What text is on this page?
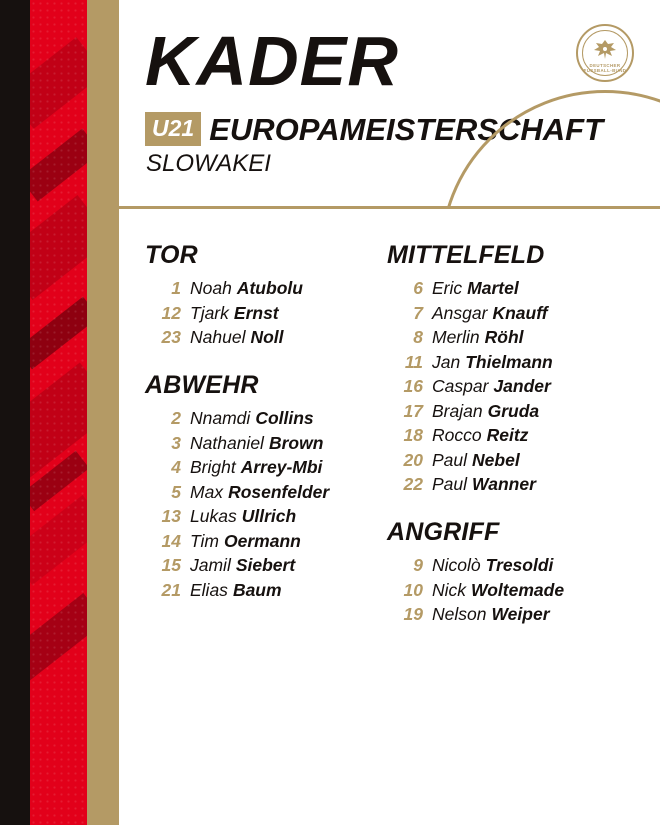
KADER
U21 EUROPAMEISTERSCHAFT
SLOWAKEI
DEUTSCHER FUSSBALL-BUND
TOR
1 Noah Atubolu
12 Tjark Ernst
23 Nahuel Noll
ABWEHR
2 Nnamdi Collins
3 Nathaniel Brown
4 Bright Arrey-Mbi
5 Max Rosenfelder
13 Lukas Ullrich
14 Tim Oermann
15 Jamil Siebert
21 Elias Baum
MITTELFELD
6 Eric Martel
7 Ansgar Knauff
8 Merlin Röhl
11 Jan Thielmann
16 Caspar Jander
17 Brajan Gruda
18 Rocco Reitz
20 Paul Nebel
22 Paul Wanner
ANGRIFF
9 Nicolò Tresoldi
10 Nick Woltemade
19 Nelson Weiper
